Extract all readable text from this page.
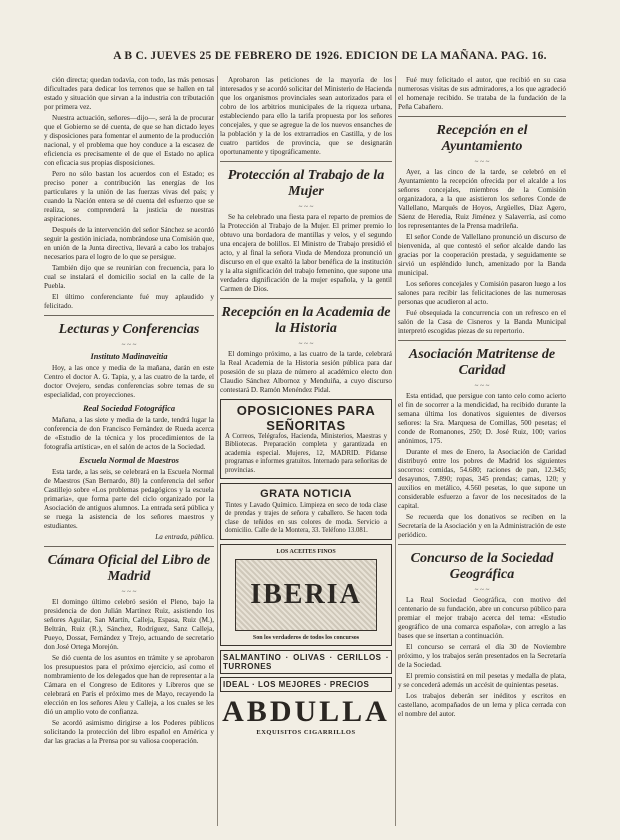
A B C. JUEVES 25 DE FEBRERO DE 1926. EDICION DE LA MAÑANA. PAG. 16.

ción directa; quedan todavía, con todo, las más penosas dificultades para dedicar los terrenos que se hallen en tal estado y situación que sirvan a la industria con tributación por primera vez.

Nuestra actuación, señores—dijo—, será la de procurar que el Gobierno se dé cuenta, de que se han dictado leyes y disposiciones para fomentar el aumento de la producción nacional, y el problema que hoy conduce a la escasez de eficiencia es precisamente el de que el Estado no aplica con eficacia sus propias disposiciones.

Pero no sólo bastan los acuerdos con el Estado; es preciso poner a contribución las energías de los particulares y la unión de las fuerzas vivas del país; y cuando la Nación entera se dé cuenta del esfuerzo que se realiza, se comprenderá la justicia de nuestras aspiraciones.

Después de la intervención del señor Sánchez se acordó seguir la gestión iniciada, nombrándose una Comisión que, en unión de la Junta directiva, llevará a cabo los trabajos necesarios para el logro de lo que se persigue.

También dijo que se reunirían con frecuencia, para lo cual se instalará el domicilio social en la calle de la Puebla.

El último conferenciante fué muy aplaudido y felicitado.

Lecturas y Conferencias
~ ~ ~
Instituto Madinaveitia

Hoy, a las once y media de la mañana, darán en este Centro el doctor A. G. Tapia, y, a las cuatro de la tarde, el doctor Ovejero, sendas conferencias sobre temas de su especialidad, con proyecciones.

Real Sociedad Fotográfica

Mañana, a las siete y media de la tarde, tendrá lugar la conferencia de don Francisco Fernández de Rueda acerca de «Estudio de la técnica y los procedimientos de la fotografía artística», en el salón de actos de la Sociedad.

Escuela Normal de Maestros

Esta tarde, a las seis, se celebrará en la Escuela Normal de Maestros (San Bernardo, 80) la conferencia del señor Castillejo sobre «Los problemas pedagógicos y la escuela primaria», que forma parte del ciclo organizado por la Asociación de antiguos alumnos. La entrada será pública y se ruega la asistencia de los señores maestros y estudiantes.

La entrada, pública.
Cámara Oficial del Libro de Madrid
~ ~ ~

El domingo último celebró sesión el Pleno, bajo la presidencia de don Julián Martínez Ruiz, asistiendo los señores Aguilar, San Martín, Calleja, Espasa, Ruiz (M.), Beltrán, Ruiz (R.), Sánchez, Rodríguez, Sanz Calleja, Pueyo, Dossat, Fernández y Trejo, actuando de secretario don José Ortega Morejón.

Se dió cuenta de los asuntos en trámite y se aprobaron los presupuestos para el próximo ejercicio, así como el nombramiento de los delegados que han de representar a la Cámara en el Congreso de Editores y Libreros que se celebrará en París el próximo mes de Mayo, recayendo la elección en los señores Aleu y Calleja, a los cuales se les dió un amplio voto de confianza.

Se acordó asimismo dirigirse a los Poderes públicos solicitando la protección del libro español en América y dar las gracias a la Prensa por su valiosa cooperación.

Aprobaron las peticiones de la mayoría de los interesados y se acordó solicitar del Ministerio de Hacienda que los organismos provinciales sean autorizados para el cobro de los arbitrios municipales de la riqueza urbana, estableciendo para ello la tarifa propuesta por los señores concejales, y que se agregue la de los nuevos ensanches de la población y la de los extrarradios en Castilla, y de los cuatro partidos de provincia, que se designarán oportunamente y tipográficamente.

Protección al Trabajo de la Mujer
~ ~ ~

Se ha celebrado una fiesta para el reparto de premios de la Protección al Trabajo de la Mujer. El primer premio lo obtuvo una bordadora de mantillas y velos, y el segundo una encajera de bolillos. El Ministro de Trabajo presidió el acto, y al final la señora Viuda de Mendoza pronunció un discurso en el que exaltó la labor benéfica de la institución y la alta significación del trabajo femenino, que supone una verdadera dignificación de la mujer española, y la gentil Carmen de Dios.

Recepción en la Academia de la Historia
~ ~ ~

El domingo próximo, a las cuatro de la tarde, celebrará la Real Academia de la Historia sesión pública para dar posesión de su plaza de número al académico electo don Claudio Sánchez Albornoz y Menduiña, a cuyo discurso contestará D. Ramón Menéndez Pidal.

OPOSICIONES PARA SEÑORITAS
A Correos, Telégrafos, Hacienda, Ministerios, Maestras y Bibliotecas. Preparación completa y garantizada en academia especial. Mujeres, 12, MADRID. Pídanse programas e informes gratuitos. Internado para señoritas de provincias.
GRATA NOTICIA
Tintes y Lavado Químico. Limpieza en seco de toda clase de prendas y trajes de señora y caballero. Se hacen toda clase de teñidos en sus colores de moda. Servicio a domicilio. Calle de la Montera, 33. Teléfono 13.081.
LOS ACEITES FINOS
IBERIA
Son los verdaderos de todos los concursos
SALMANTINO · OLIVAS · CERILLOS · TURRONES
IDEAL · LOS MEJORES · PRECIOS
ABDULLA
EXQUISITOS CIGARRILLOS

Fué muy felicitado el autor, que recibió en su casa numerosas visitas de sus admiradores, a los que agradeció el homenaje recibido. Se trataba de la fundación de la Peña Cabañero.

Recepción en el Ayuntamiento
~ ~ ~

Ayer, a las cinco de la tarde, se celebró en el Ayuntamiento la recepción ofrecida por el alcalde a los señores concejales, miembros de la Comisión organizadora, a la que asistieron los señores Conde de Vallellano, Marqués de Hoyos, Argüelles, Díaz Agero, Sáenz de Heredia, Ruiz Jiménez y Salaverría, así como los representantes de la Prensa madrileña.

El señor Conde de Vallellano pronunció un discurso de bienvenida, al que contestó el señor alcalde dando las gracias por la cooperación prestada, y seguidamente se sirvió un espléndido lunch, amenizado por la Banda municipal.

Los señores concejales y Comisión pasaron luego a los salones para recibir las felicitaciones de las numerosas personas que acudieron al acto.

Fué obsequiada la concurrencia con un refresco en el salón de la Casa de Cisneros y la Banda Municipal interpretó escogidas piezas de su repertorio.

Asociación Matritense de Caridad
~ ~ ~

Esta entidad, que persigue con tanto celo como acierto el fin de socorrer a la mendicidad, ha recibido durante la semana última los donativos siguientes de diversos señores: la Sra. Marquesa de Comillas, 500 pesetas; el conde de Romanones, 250; D. José Ruiz, 100; varios anónimos, 175.

Durante el mes de Enero, la Asociación de Caridad distribuyó entre los pobres de Madrid los siguientes socorros: comidas, 54.680; raciones de pan, 12.345; desayunos, 7.890; ropas, 345 prendas; camas, 120; y auxilios en metálico, 4.560 pesetas, lo que supone un considerable esfuerzo a favor de los necesitados de la capital.

Se recuerda que los donativos se reciben en la Secretaría de la Asociación y en la Administración de este periódico.

Concurso de la Sociedad Geográfica
~ ~ ~

La Real Sociedad Geográfica, con motivo del centenario de su fundación, abre un concurso público para premiar el mejor trabajo acerca del tema: «Estudio geográfico de una comarca española», con arreglo a las bases que se insertan a continuación.

El concurso se cerrará el día 30 de Noviembre próximo, y los trabajos serán presentados en la Secretaría de la Sociedad.

El premio consistirá en mil pesetas y medalla de plata, y se concederá además un accésit de quinientas pesetas.

Los trabajos deberán ser inéditos y escritos en castellano, acompañados de un lema y plica cerrada con el nombre del autor.
